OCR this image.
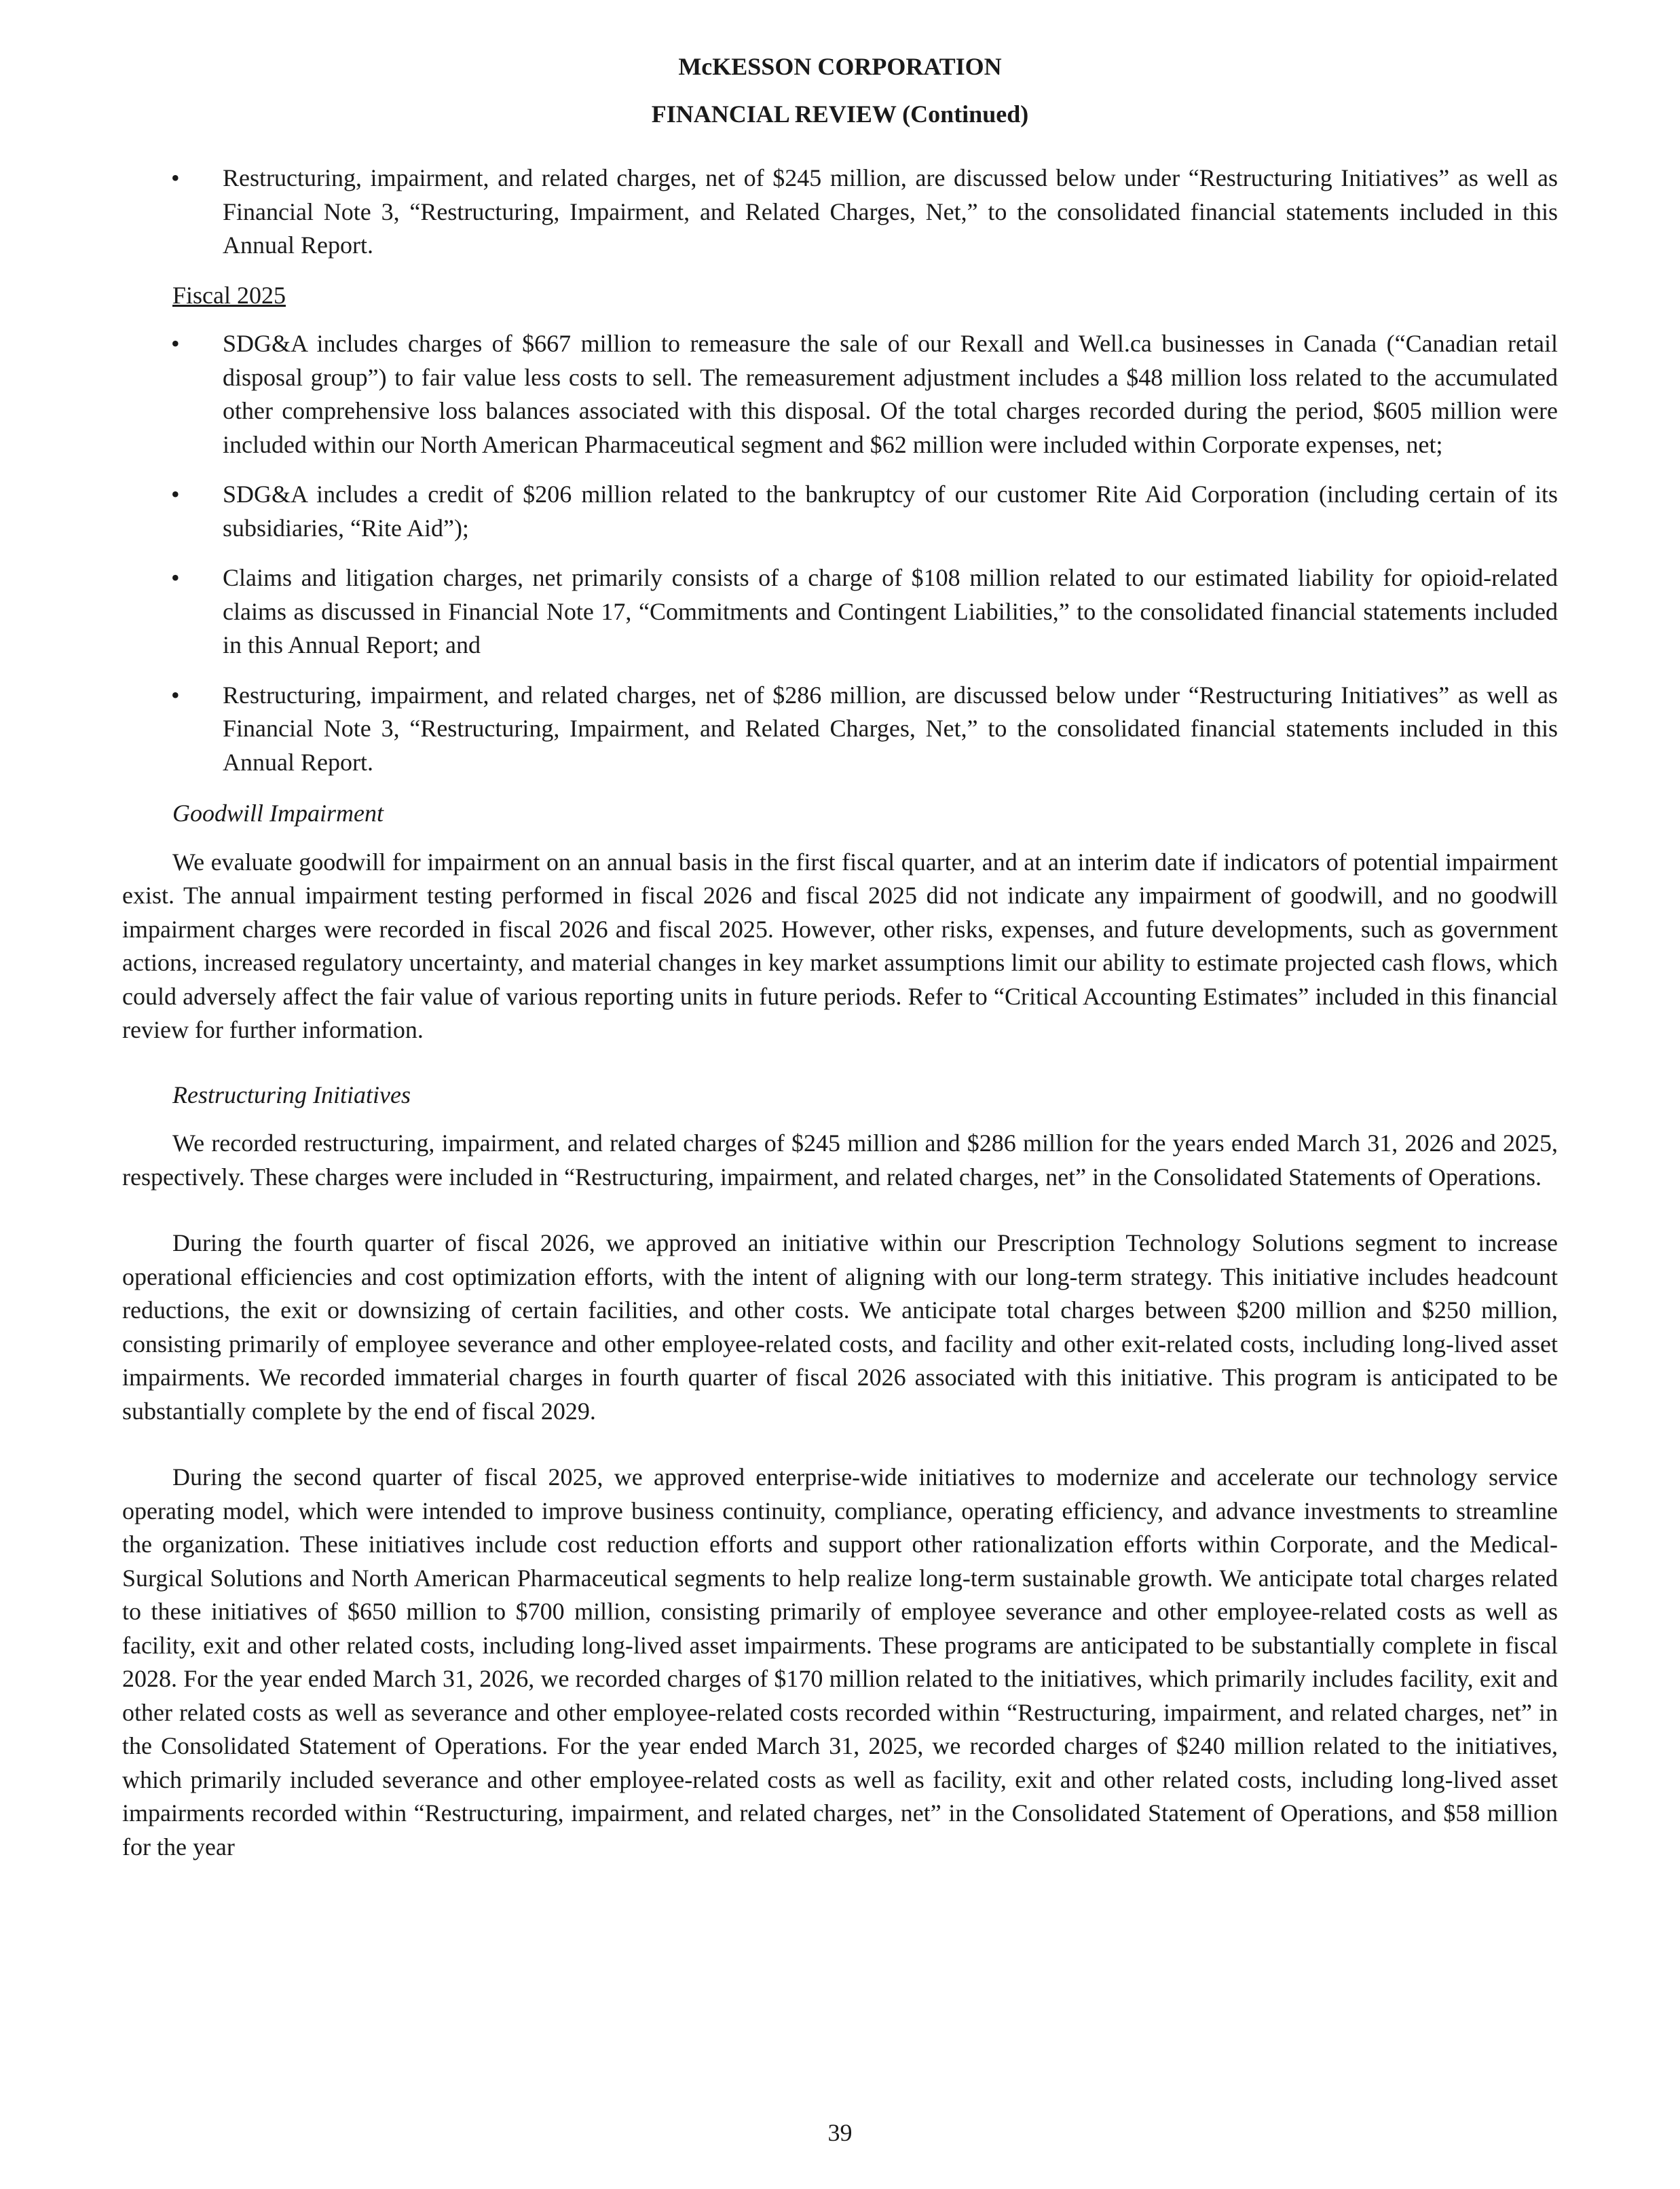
McKESSON CORPORATION
FINANCIAL REVIEW (Continued)
• Restructuring, impairment, and related charges, net of $245 million, are discussed below under “Restructuring Initiatives” as well as Financial Note 3, “Restructuring, Impairment, and Related Charges, Net,” to the consolidated financial statements included in this Annual Report.
Fiscal 2025
• SDG&A includes charges of $667 million to remeasure the sale of our Rexall and Well.ca businesses in Canada (“Canadian retail disposal group”) to fair value less costs to sell. The remeasurement adjustment includes a $48 million loss related to the accumulated other comprehensive loss balances associated with this disposal. Of the total charges recorded during the period, $605 million were included within our North American Pharmaceutical segment and $62 million were included within Corporate expenses, net;
• SDG&A includes a credit of $206 million related to the bankruptcy of our customer Rite Aid Corporation (including certain of its subsidiaries, “Rite Aid”);
• Claims and litigation charges, net primarily consists of a charge of $108 million related to our estimated liability for opioid-related claims as discussed in Financial Note 17, “Commitments and Contingent Liabilities,” to the consolidated financial statements included in this Annual Report; and
• Restructuring, impairment, and related charges, net of $286 million, are discussed below under “Restructuring Initiatives” as well as Financial Note 3, “Restructuring, Impairment, and Related Charges, Net,” to the consolidated financial statements included in this Annual Report.
Goodwill Impairment

We evaluate goodwill for impairment on an annual basis in the first fiscal quarter, and at an interim date if indicators of potential impairment exist. The annual impairment testing performed in fiscal 2026 and fiscal 2025 did not indicate any impairment of goodwill, and no goodwill impairment charges were recorded in fiscal 2026 and fiscal 2025. However, other risks, expenses, and future developments, such as government actions, increased regulatory uncertainty, and material changes in key market assumptions limit our ability to estimate projected cash flows, which could adversely affect the fair value of various reporting units in future periods. Refer to “Critical Accounting Estimates” included in this financial review for further information.

Restructuring Initiatives

We recorded restructuring, impairment, and related charges of $245 million and $286 million for the years ended March 31, 2026 and 2025, respectively. These charges were included in “Restructuring, impairment, and related charges, net” in the Consolidated Statements of Operations.

During the fourth quarter of fiscal 2026, we approved an initiative within our Prescription Technology Solutions segment to increase operational efficiencies and cost optimization efforts, with the intent of aligning with our long-term strategy. This initiative includes headcount reductions, the exit or downsizing of certain facilities, and other costs. We anticipate total charges between $200 million and $250 million, consisting primarily of employee severance and other employee-related costs, and facility and other exit-related costs, including long-lived asset impairments. We recorded immaterial charges in fourth quarter of fiscal 2026 associated with this initiative. This program is anticipated to be substantially complete by the end of fiscal 2029.

During the second quarter of fiscal 2025, we approved enterprise-wide initiatives to modernize and accelerate our technology service operating model, which were intended to improve business continuity, compliance, operating efficiency, and advance investments to streamline the organization. These initiatives include cost reduction efforts and support other rationalization efforts within Corporate, and the Medical-Surgical Solutions and North American Pharmaceutical segments to help realize long-term sustainable growth. We anticipate total charges related to these initiatives of $650 million to $700 million, consisting primarily of employee severance and other employee-related costs as well as facility, exit and other related costs, including long-lived asset impairments. These programs are anticipated to be substantially complete in fiscal 2028. For the year ended March 31, 2026, we recorded charges of $170 million related to the initiatives, which primarily includes facility, exit and other related costs as well as severance and other employee-related costs recorded within “Restructuring, impairment, and related charges, net” in the Consolidated Statement of Operations. For the year ended March 31, 2025, we recorded charges of $240 million related to the initiatives, which primarily included severance and other employee-related costs as well as facility, exit and other related costs, including long-lived asset impairments recorded within “Restructuring, impairment, and related charges, net” in the Consolidated Statement of Operations, and $58 million for the year

39
